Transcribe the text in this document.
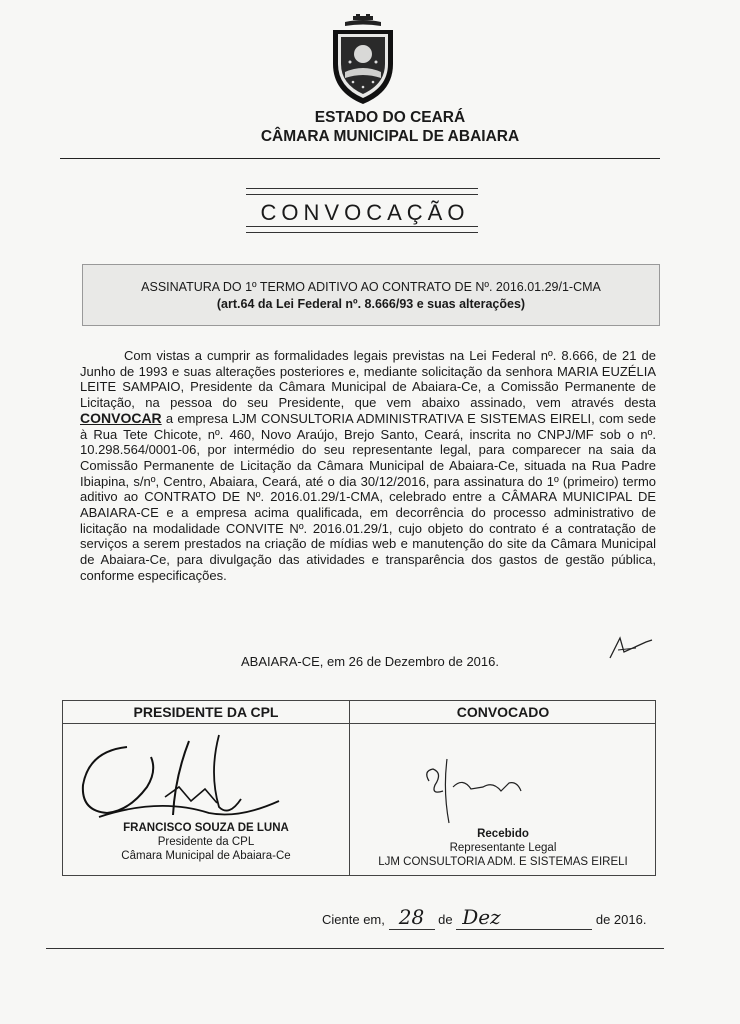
ESTADO DO CEARÁ
CÂMARA MUNICIPAL DE ABAIARA
CONVOCAÇÃO
ASSINATURA DO 1º TERMO ADITIVO AO CONTRATO DE Nº. 2016.01.29/1-CMA
(art.64 da Lei Federal nº. 8.666/93 e suas alterações)

Com vistas a cumprir as formalidades legais previstas na Lei Federal nº. 8.666, de 21 de Junho de 1993 e suas alterações posteriores e, mediante solicitação da senhora MARIA EUZÉLIA LEITE SAMPAIO, Presidente da Câmara Municipal de Abaiara-Ce, a Comissão Permanente de Licitação, na pessoa do seu Presidente, que vem abaixo assinado, vem através desta CONVOCAR a empresa LJM CONSULTORIA ADMINISTRATIVA E SISTEMAS EIRELI, com sede à Rua Tete Chicote, nº. 460, Novo Araújo, Brejo Santo, Ceará, inscrita no CNPJ/MF sob o nº. 10.298.564/0001-06, por intermédio do seu representante legal, para comparecer na saia da Comissão Permanente de Licitação da Câmara Municipal de Abaiara-Ce, situada na Rua Padre Ibiapina, s/nº, Centro, Abaiara, Ceará, até o dia 30/12/2016, para assinatura do 1º (primeiro) termo aditivo ao CONTRATO DE Nº. 2016.01.29/1-CMA, celebrado entre a CÂMARA MUNICIPAL DE ABAIARA-CE e a empresa acima qualificada, em decorrência do processo administrativo de licitação na modalidade CONVITE Nº. 2016.01.29/1, cujo objeto do contrato é a contratação de serviços a serem prestados na criação de mídias web e manutenção do site da Câmara Municipal de Abaiara-Ce, para divulgação das atividades e transparência dos gastos de gestão pública, conforme especificações.

ABAIARA-CE, em 26 de Dezembro de 2016.
PRESIDENTE DA CPL	CONVOCADO
FRANCISCO SOUZA DE LUNA
Presidente da CPL
Câmara Municipal de Abaiara-Ce
Recebido
Representante Legal
LJM CONSULTORIA ADM. E SISTEMAS EIRELI
Ciente em, 28 de Dez	de 2016.
